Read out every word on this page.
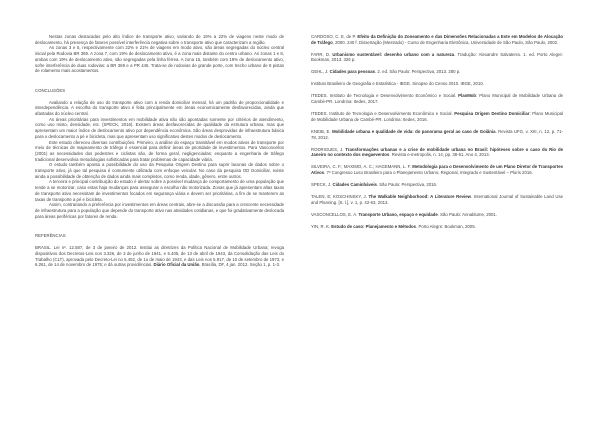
Nestas zonas destacadas pelo alto índice de transporte ativo, variando de 19% a 22% de viagens neste modo de deslocamento, há presença de fatores possível interferência negativa sobre o transporte ativo que caracterizam a região.

As zonas 3 e 5, respectivamente com 22% e 21% de viagens em modo ativo, são áreas segregadas do núcleo central inicial pela Rodovia BR 369. A zona 7, com 19% de deslocamento ativo, é a zona mais distante do centro urbano. As zonas 1 e 8, ambas com 19% de deslocamento ativo, são segregadas pela linha férrea. A zona 15, também com 19% de deslocamento ativo, sofre interferência de duas rodovias: a BR 369 e a PR 445. Trata-se de rodovias de grande porte, com trecho urbano de 8 pistas de rolamento mais acostamentos.

CONCLUSÕES

Avaliando a relação de uso do transporte ativo com a renda domiciliar mensal, há um padrão de proporcionalidade e interdependência. A escolha do transporte ativo é feita principalmente em áreas economicamente desfavorecidas, ainda que afastadas do núcleo central.

As áreas prioritárias para investimentos em mobilidade ativa não são apontadas somente por critérios de atendimento, como uso misto, densidade, etc. (SPECK, 2016). Existem áreas desfavorecidas de qualidade da estrutura urbana, mas que apresentam um maior índice de deslocamento ativo por dependência econômica. São áreas desprovidas de infraestrutura básica para o deslocamento a pé e bicicleta, mas que apresentam uso significativo destes modos de deslocamento.

Este estudo ofereceu diversas contribuições. Primeiro, a análise do espaço transitável em modos ativos de transporte por meio de técnicas de mapeamento de tráfego é essencial para definir áreas de prioridade de investimentos. Para Vasconcellos (2001) as necessidades dos pedestres e ciclistas são, de forma geral, negligenciadas; enquanto a engenharia de tráfego tradicional desenvolvia metodologias sofisticadas para tratar problemas de capacidade viária.

O estudo também aponta a possibilidade do uso da Pesquisa Origem Destino para suprir lacunas de dados sobre o transporte ativo, já que tal pesquisa é comumente utilizada com enfoque veicular. No caso da pesquisa OD Domiciliar, existe ainda a possibilidade de obtenção de dados ainda mais completos, como renda, idade, gênero, entre outros.

A terceira e principal contribuição do estudo é alertar sobre a possível mudança de comportamento de uma população que tende a se motorizar, caso estas haja mudanças para assegurar a escolha não motorizada. Zonas que já apresentam altas taxas de transporte ativo necessitam de investimentos focados em segurança viária e devem ser prioritárias, a fim de se manterem as taxas de transporte a pé e bicicleta.

Assim, contrariando a preferência por investimentos em áreas centrais, abre-se a discussão para a crescente necessidade de infraestrutura para a população que depende do transporte ativo nas atividades cotidianas, e que foi gradativamente deslocada para áreas periféricas por fatores de renda.

REFERÊNCIAS

BRASIL. Lei nº. 12.587, de 3 de janeiro de 2012. Institui as diretrizes da Política Nacional de Mobilidade Urbana; revoga dispositivos dos Decretos-Leis nos 3.326, de 3 de junho de 1941, e 5.405, de 13 de abril de 1943, da Consolidação das Leis do Trabalho (CLT), aprovada pelo Decreto-Lei no 5.452, de 1o de maio de 1943, e das Leis nos 5.917, de 10 de setembro de 1973, e 6.261, de 14 de novembro de 1975; e dá outras providências. Diário Oficial da União, Brasília, DF, 4 jan. 2012. Seção 1, p. 1-3.

CARDOSO, C. E. de P. Efeito da Definição do Zoneamento e das Dimensões Relacionadas a Este em Modelos de Alocação de Tráfego. 2000. 240 f. Dissertação (Mestrado) - Curso de Engenharia Eletrônica, Universidade de São Paulo, São Paulo, 2002.

FARR, D. Urbanismo sustentável: desenho urbano com a natureza. Tradução: Alexandre Salvaterra. 1. ed. Porto Alegre: Bookman, 2013. 326 p.

GEHL, J. Cidades para pessoas. 2. ed. São Paulo: Perspectiva, 2013. 280 p.

Instituto Brasileiro de Geografia e Estatística - IBGE. Sinopse do Censo 2010. IBGE, 2010.

ITEDES. Instituto de Tecnologia e Desenvolvimento Econômico e Social. PlanMob: Plano Municipal de Mobilidade Urbana de Cambé-PR. Londrina: Itedes, 2017.

ITEDES. Instituto de Tecnologia e Desenvolvimento Econômico e Social. Pesquisa Origem Destino Domiciliar: Plano Municipal de Mobilidade Urbana de Cambé-PR. Londrina: Itedes, 2016.

KNEIB, E. Mobilidade urbana e qualidade de vida: do panorama geral ao caso de Goiânia. Revista UFG, v. XIII, n. 12, p. 71-78, 2012.

RODRIGUES, J. Transformações urbanas e a crise de mobilidade urbana no Brasil: hipóteses sobre o caso do Rio de Janeiro no contexto dos megaeventos. Revista e-metropolis, n. 14, pp. 38-51, Ano 4, 2013.

SILVEIRA, C. F.; MAXIMO, A. C.; HAGEMANN, L. F. Metodologia para o Desenvolvimento de um Plano Diretor de Transportes Ativos. 7º Congresso Luso Brasileiro para o Planejamento Urbano, Regional, Integrado e Sustentável – Pluris 2016.

SPECK, J. Cidades Caminháveis. São Paulo: Perspectiva, 2016.

TALEN, E; KOSCHINSKY, J. The Walkable Neighborhood: A Literature Review. International Journal of Sustainable Land Use and Planning. [S. l.], v. 1, p. 42-63, 2013.

VASCONCELLOS, E. A. Transporte Urbano, espaço e equidade. São Paulo: Annablume, 2001.

YIN, R. K. Estudo de caso: Planejamento e Métodos. Porto Alegre: Bookman, 2005.
